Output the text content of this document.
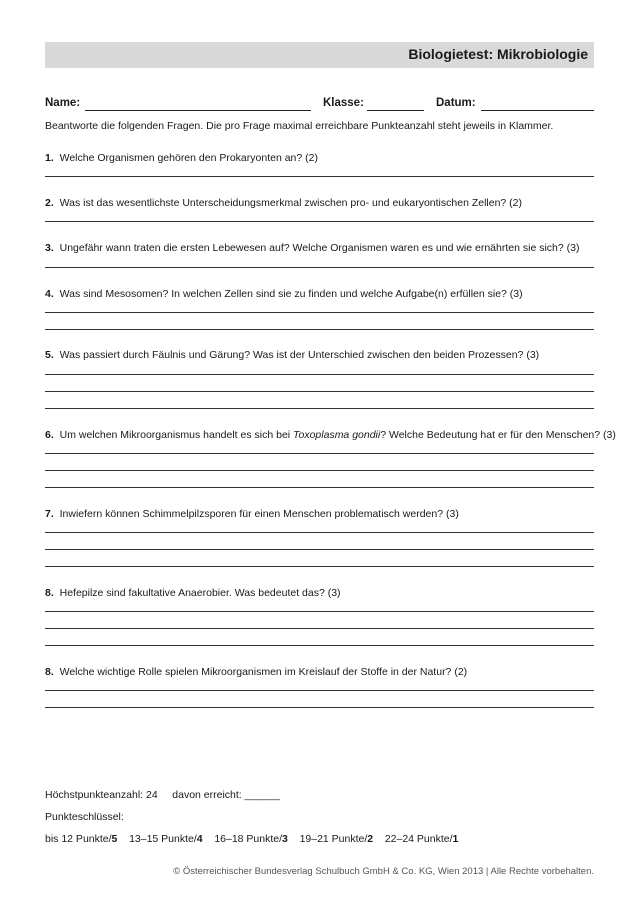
Biologietest: Mikrobiologie
Name:	Klasse:	Datum:
Beantworte die folgenden Fragen. Die pro Frage maximal erreichbare Punkteanzahl steht jeweils in Klammer.
1. Welche Organismen gehören den Prokaryonten an? (2)
2. Was ist das wesentlichste Unterscheidungsmerkmal zwischen pro- und eukaryontischen Zellen? (2)
3. Ungefähr wann traten die ersten Lebewesen auf? Welche Organismen waren es und wie ernährten sie sich? (3)
4. Was sind Mesosomen? In welchen Zellen sind sie zu finden und welche Aufgabe(n) erfüllen sie? (3)
5. Was passiert durch Fäulnis und Gärung? Was ist der Unterschied zwischen den beiden Prozessen? (3)
6. Um welchen Mikroorganismus handelt es sich bei Toxoplasma gondii? Welche Bedeutung hat er für den Menschen? (3)
7. Inwiefern können Schimmelpilzsporen für einen Menschen problematisch werden? (3)
8. Hefepilze sind fakultative Anaerobier. Was bedeutet das? (3)
8. Welche wichtige Rolle spielen Mikroorganismen im Kreislauf der Stoffe in der Natur? (2)
Höchstpunkteanzahl: 24 davon erreicht: ______
Punkteschlüssel:
bis 12 Punkte/5 13–15 Punkte/4 16–18 Punkte/3 19–21 Punkte/2 22–24 Punkte/1
© Österreichischer Bundesverlag Schulbuch GmbH & Co. KG, Wien 2013 | Alle Rechte vorbehalten.
